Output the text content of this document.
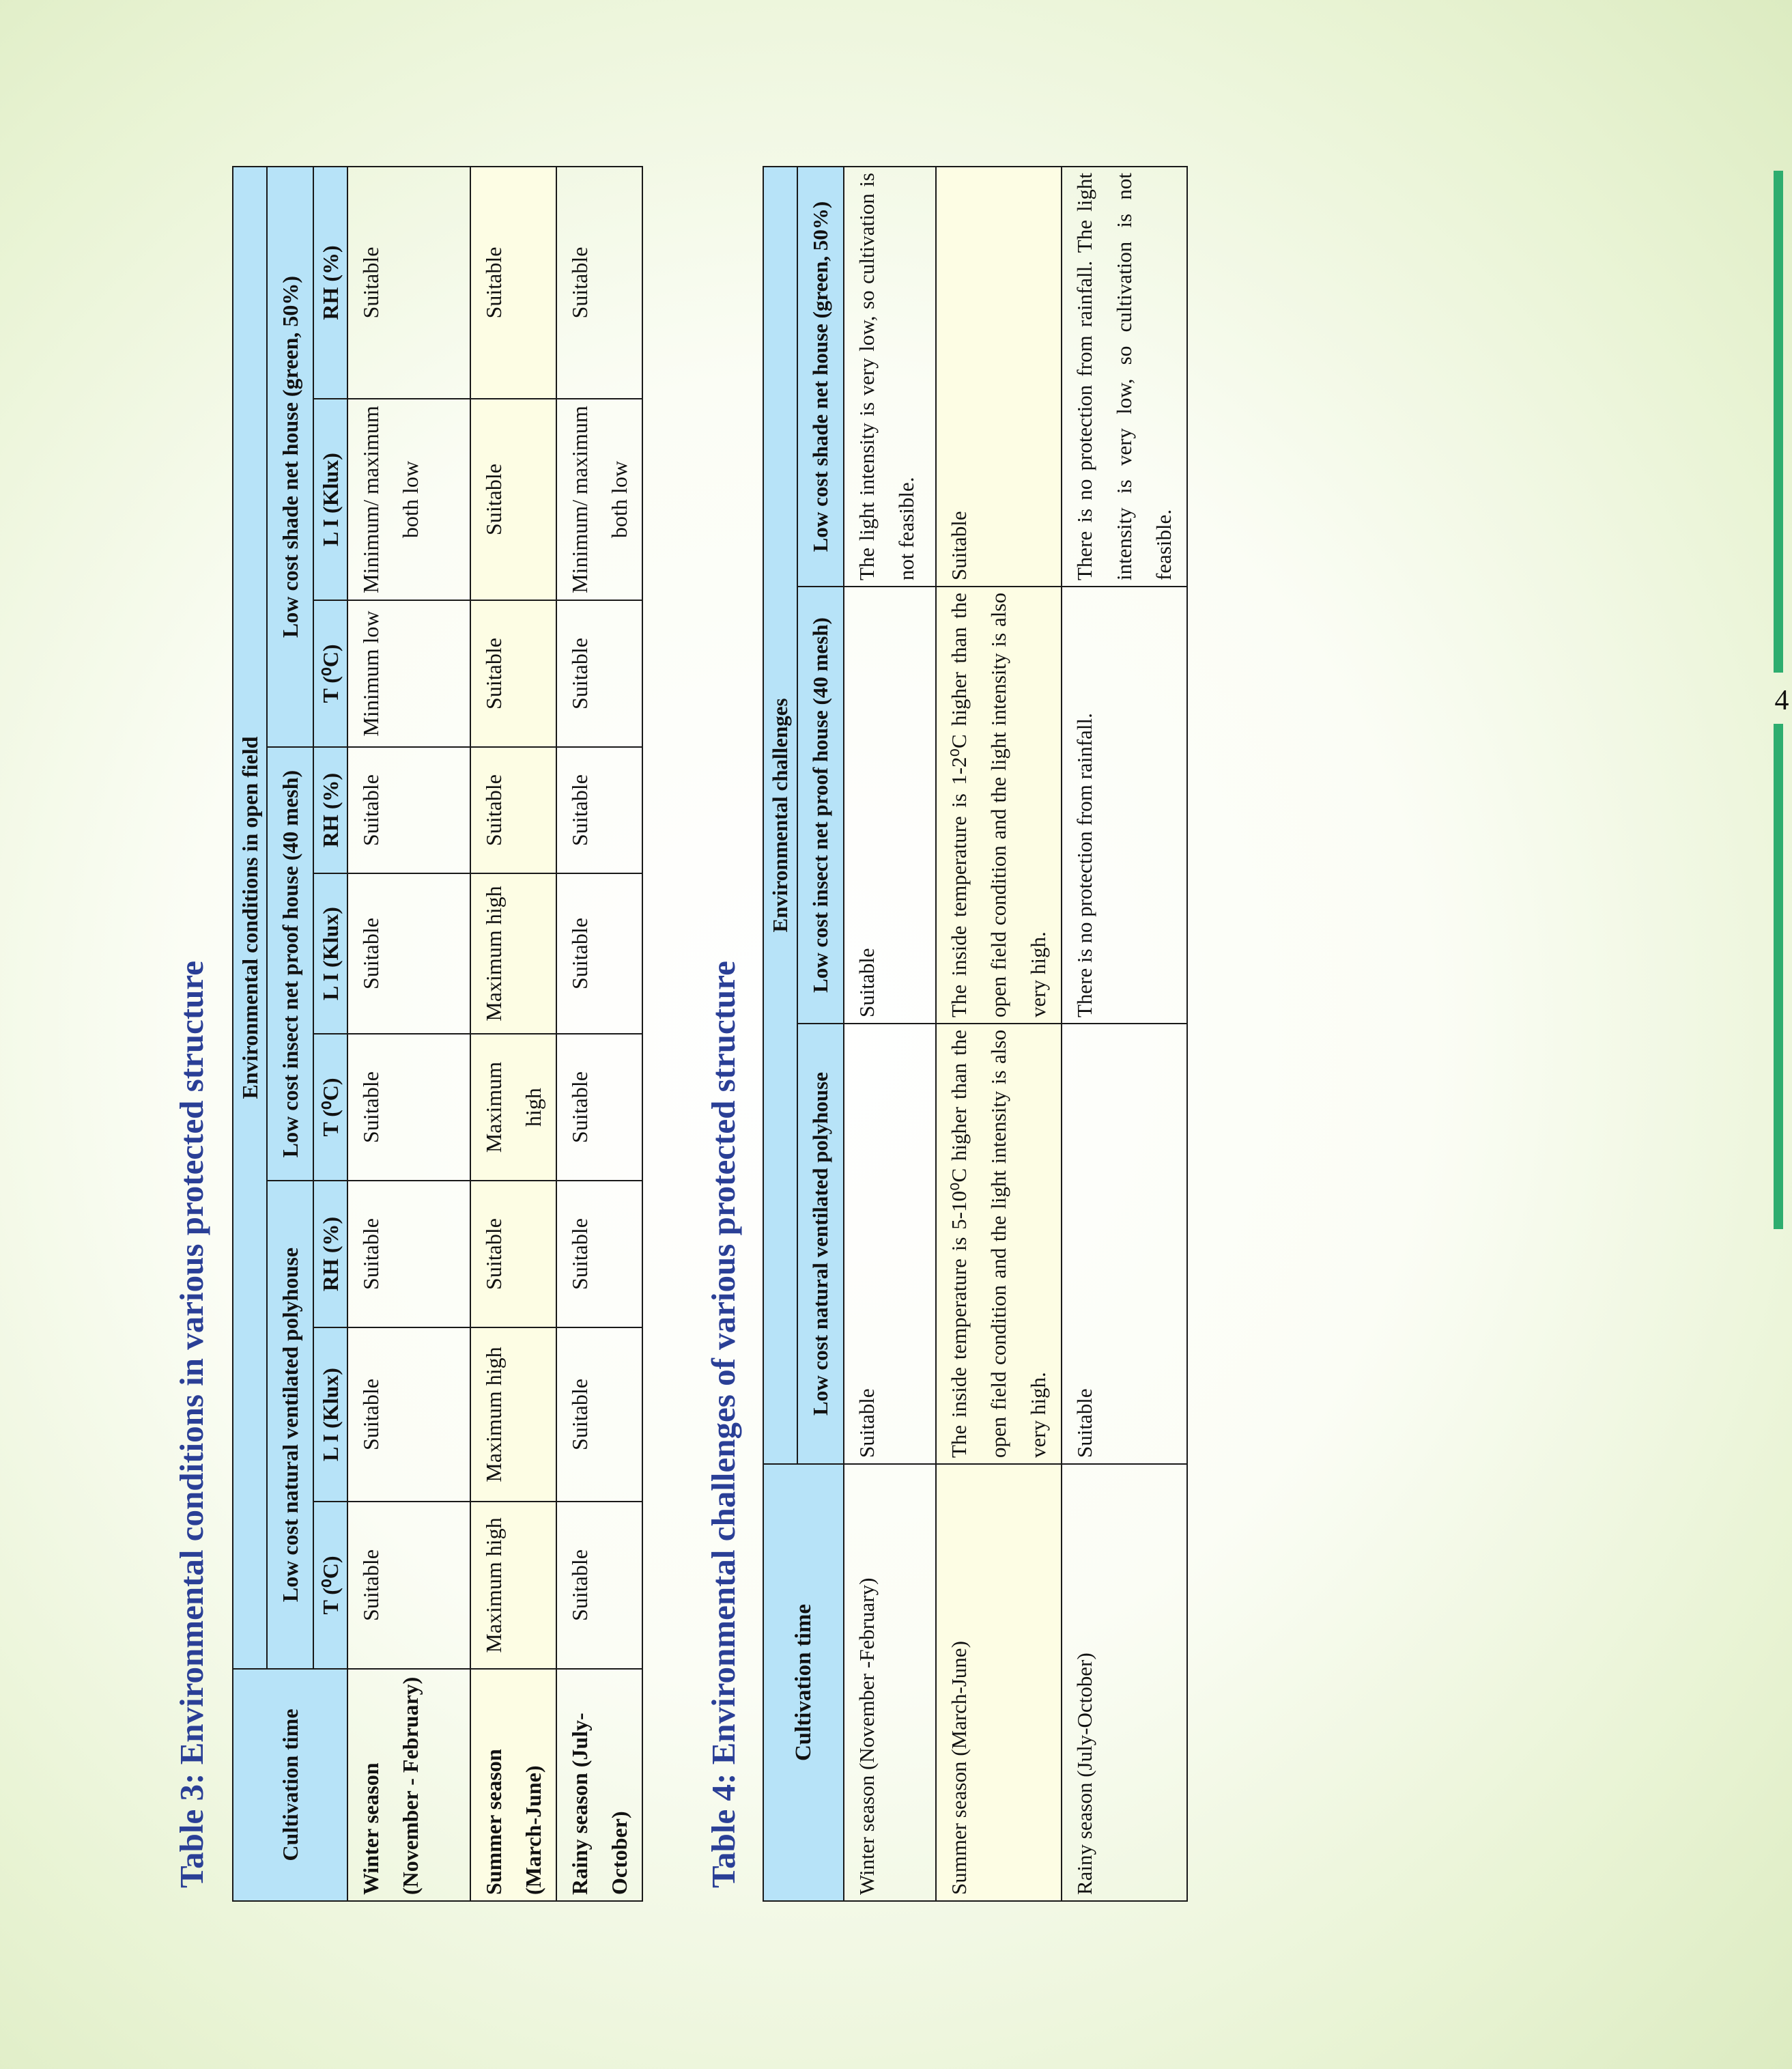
Table 3: Environmental conditions in various protected structure	Cultivation time	Environmental conditions in open field								
	Low cost natural ventilated polyhouse			Low cost insect net proof house (40 mesh)			Low cost shade net house (green, 50%)		
	T (⁰C)	L I (Klux)	RH (%)	T (⁰C)	L I (Klux)	RH (%)	T (⁰C)	L I (Klux)	RH (%)
Winter season (November - February)	Suitable	Suitable	Suitable	Suitable	Suitable	Suitable	Minimum low	Minimum/ maximum both low	Suitable
Summer season (March-June)	Maximum high	Maximum high	Suitable	Maximum high	Maximum high	Suitable	Suitable	Suitable	Suitable
Rainy season (July- October)	Suitable	Suitable	Suitable	Suitable	Suitable	Suitable	Suitable	Minimum/ maximum both low	Suitable
Table 4: Environmental challenges of various protected structure Cultivation time	Environmental challenges		
	Low cost natural ventilated polyhouse	Low cost insect net proof house (40 mesh)	Low cost shade net house (green, 50%)
Winter season (November -February)	Suitable	Suitable	The light intensity is very low, so cultivation is not feasible.
Summer season (March-June)	The inside temperature is 5-10⁰C higher than the open field condition and the light intensity is also very high.	The inside temperature is 1-2⁰C higher than the open field condition and the light intensity is also very high.	Suitable
Rainy season (July-October)	Suitable	There is no protection from rainfall.	There is no protection from rainfall. The light intensity is very low, so cultivation is not feasible.
4
